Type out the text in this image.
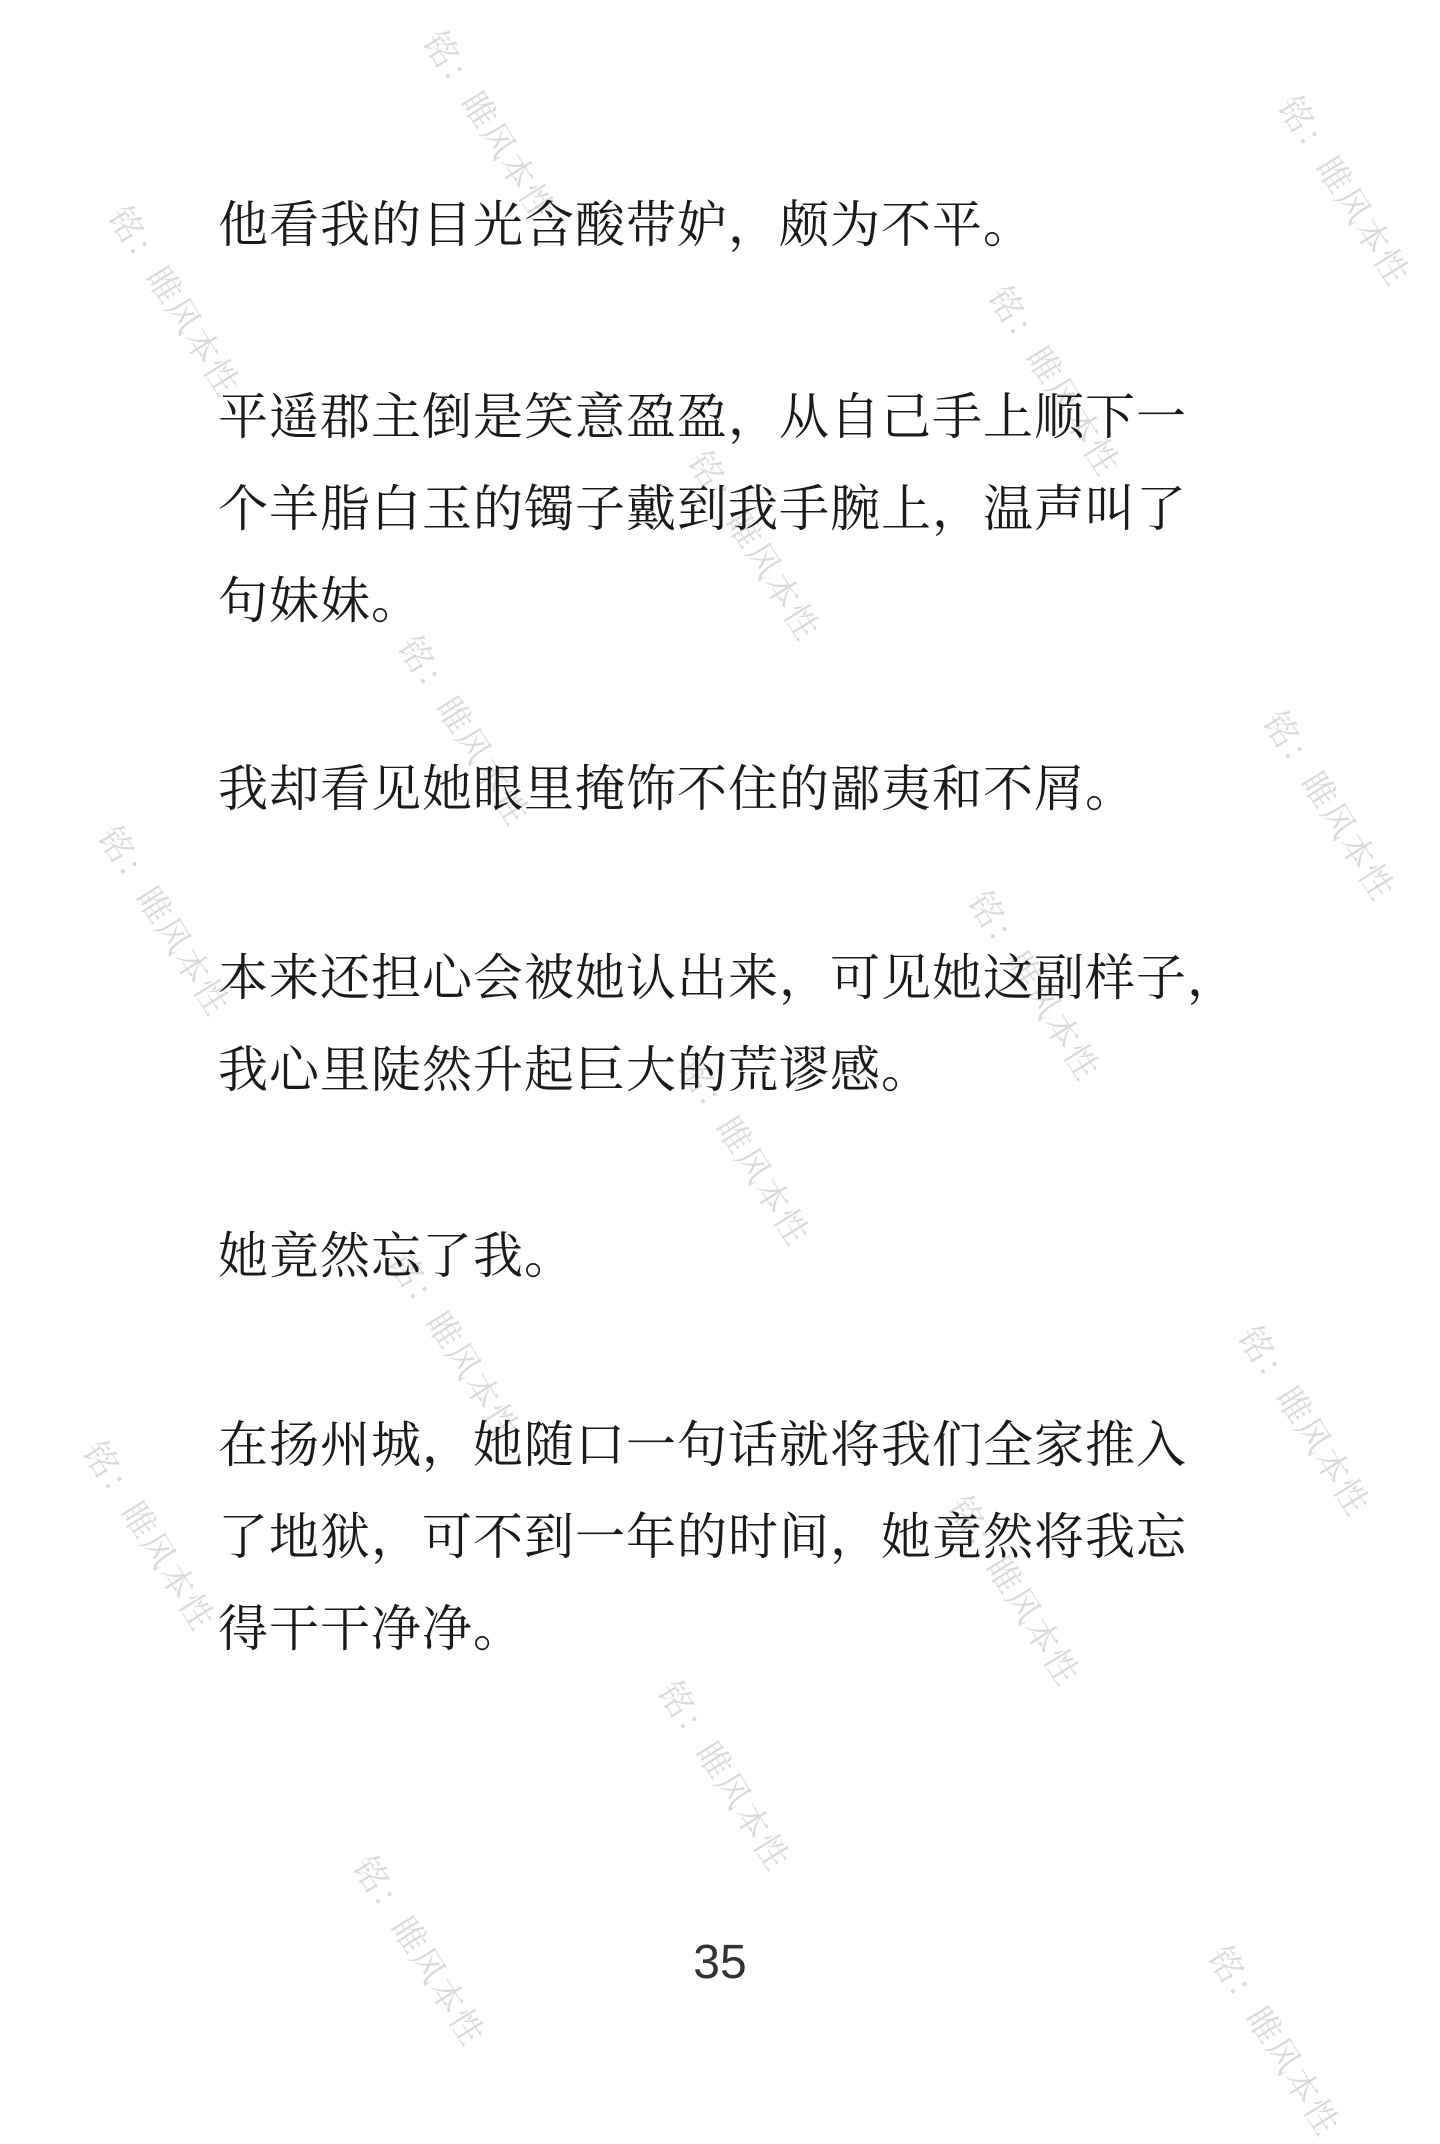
铭：睢风本性
铭：睢风本性	铭：睢风本性
铭：睢风本性
铭：睢风本性
铭：睢风本性	铭：睢风本性
铭：睢风本性	铭：睢风本性
铭：睢风本性
铭：睢风本性	铭：睢风本性
铭：睢风本性	铭：睢风本性
铭：睢风本性
铭：睢风本性	铭：睢风本性

他看我的目光含酸带妒，颇为不平。

平遥郡主倒是笑意盈盈，从自己手上顺下一
个羊脂白玉的镯子戴到我手腕上，温声叫了
句妹妹。

我却看见她眼里掩饰不住的鄙夷和不屑。

本来还担心会被她认出来，可见她这副样子，
我心里陡然升起巨大的荒谬感。

她竟然忘了我。

在扬州城，她随口一句话就将我们全家推入
了地狱，可不到一年的时间，她竟然将我忘
得干干净净。

35
